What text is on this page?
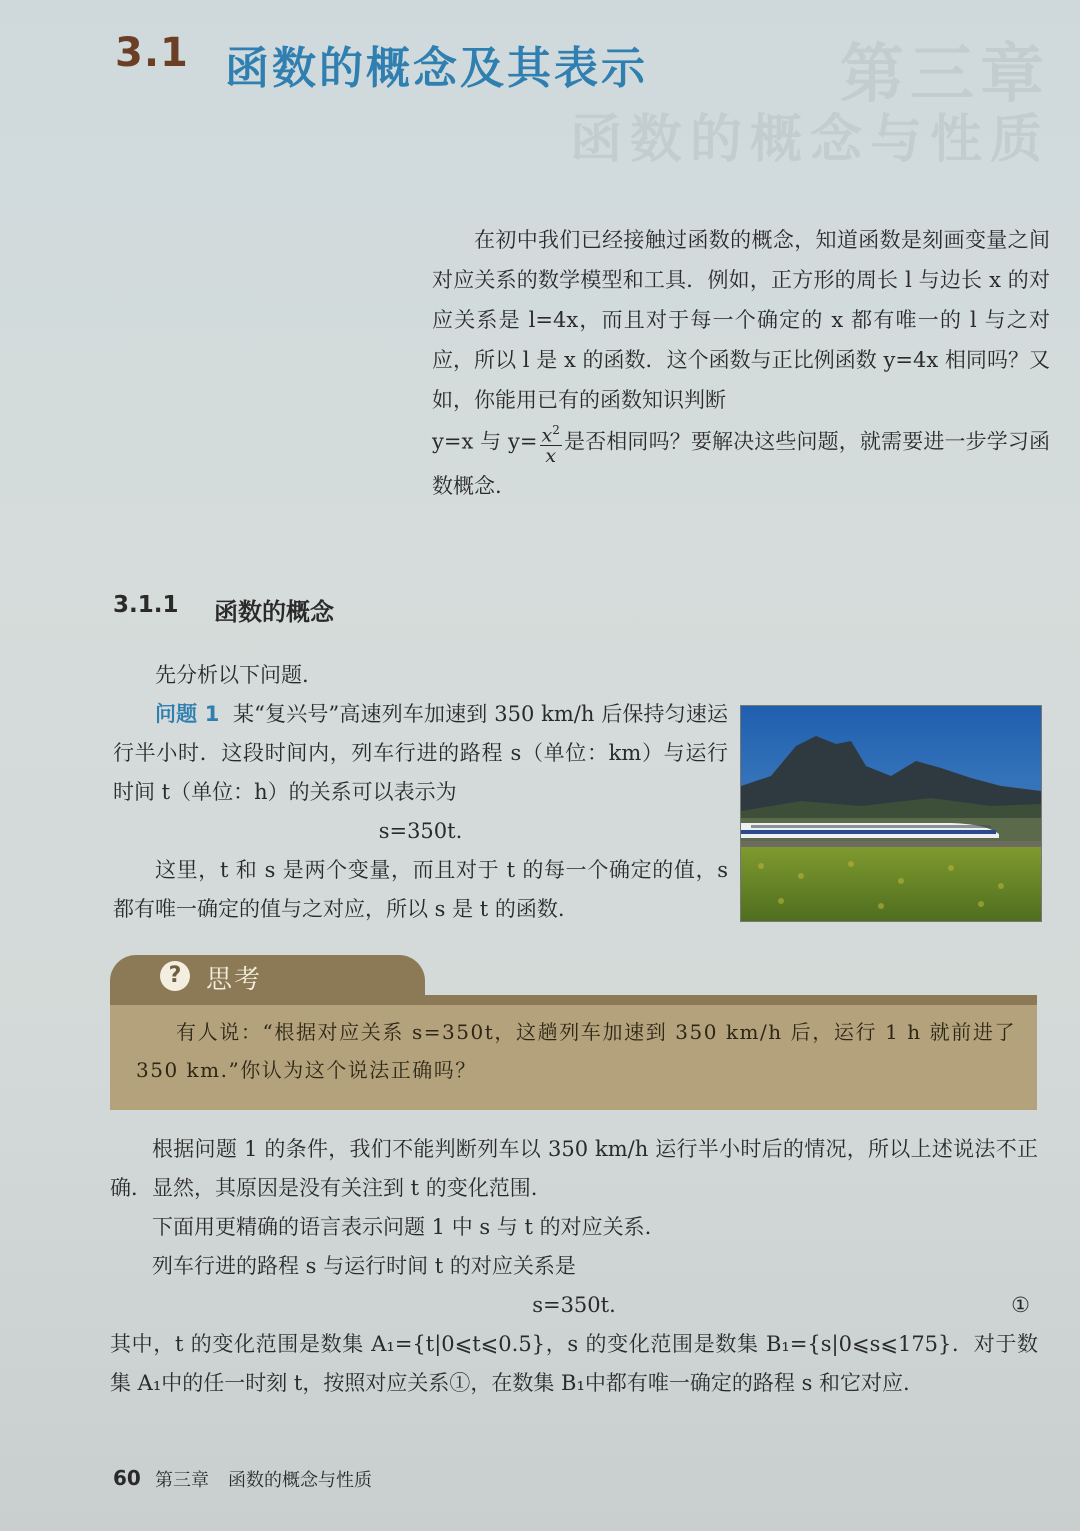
第三章
函数的概念与性质
3.1 函数的概念及其表示

在初中我们已经接触过函数的概念，知道函数是刻画变量之间对应关系的数学模型和工具．例如，正方形的周长 l 与边长 x 的对应关系是 l=4x，而且对于每一个确定的 x 都有唯一的 l 与之对应，所以 l 是 x 的函数．这个函数与正比例函数 y=4x 相同吗？又如，你能用已有的函数知识判断

y=x 与 $y= \frac{x^2}{x}$ 是否相同吗？要解决这些问题，就需要进一步学习函数概念.

3.1.1 函数的概念

先分析以下问题.

问题 1 某“复兴号”高速列车加速到 350 km/h 后保持匀速运行半小时．这段时间内，列车行进的路程 s（单位：km）与运行时间 t（单位：h）的关系可以表示为

s=350t.

这里，t 和 s 是两个变量，而且对于 t 的每一个确定的值，s 都有唯一确定的值与之对应，所以 s 是 t 的函数.

? 思考

有人说：“根据对应关系 s=350t，这趟列车加速到 350 km/h 后，运行 1 h 就前进了 350 km.”你认为这个说法正确吗？

根据问题 1 的条件，我们不能判断列车以 350 km/h 运行半小时后的情况，所以上述说法不正确．显然，其原因是没有关注到 t 的变化范围.

下面用更精确的语言表示问题 1 中 s 与 t 的对应关系.

列车行进的路程 s 与运行时间 t 的对应关系是

s=350t.	①

其中，t 的变化范围是数集 A₁={t|0⩽t⩽0.5}，s 的变化范围是数集 B₁={s|0⩽s⩽175}．对于数集 A₁中的任一时刻 t，按照对应关系①，在数集 B₁中都有唯一确定的路程 s 和它对应.

60 第三章 函数的概念与性质
